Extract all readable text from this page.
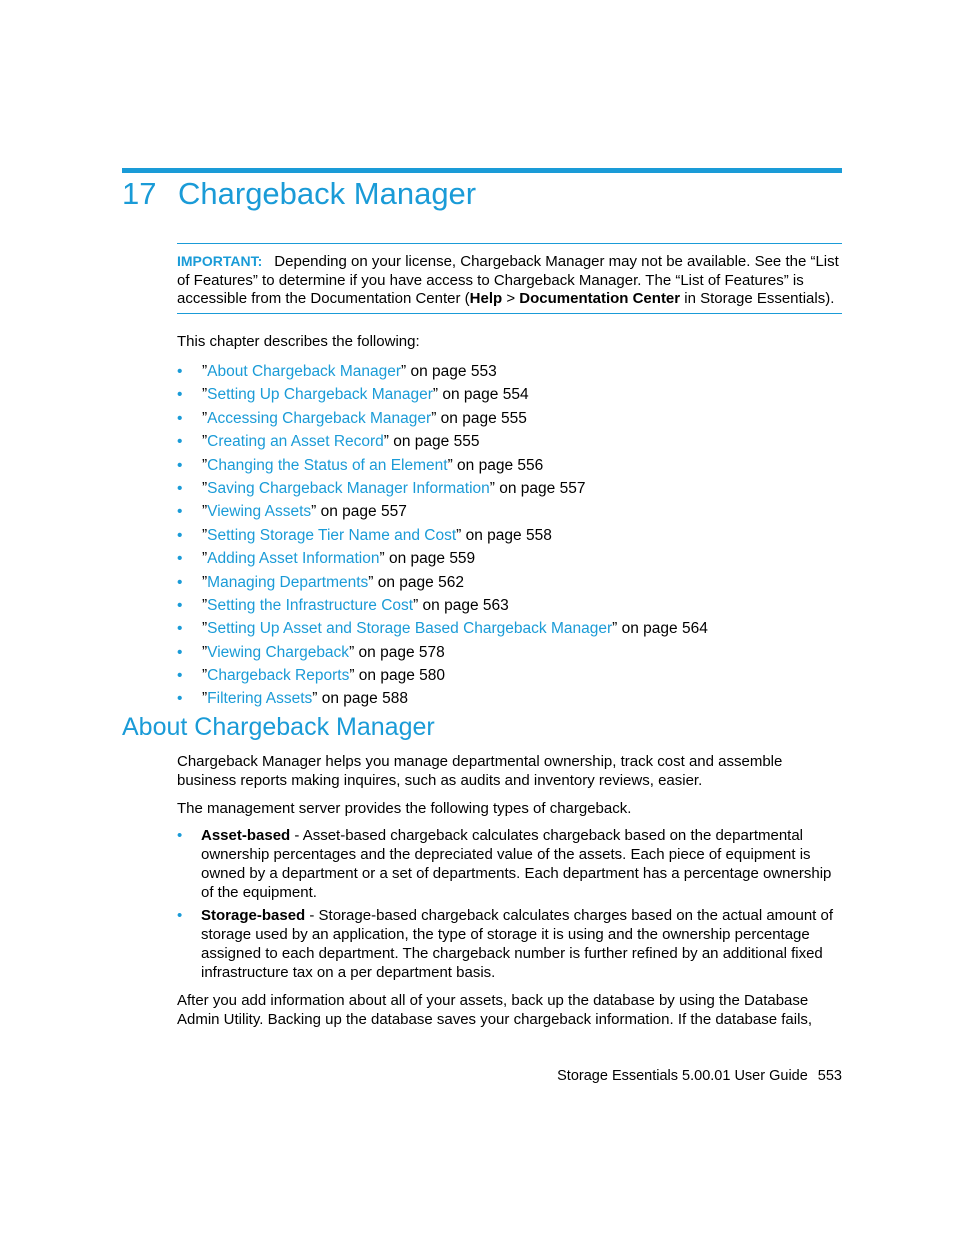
17 Chargeback Manager
IMPORTANT: Depending on your license, Chargeback Manager may not be available. See the “List of Features” to determine if you have access to Chargeback Manager. The “List of Features” is accessible from the Documentation Center (Help > Documentation Center in Storage Essentials).

This chapter describes the following:

• ”About Chargeback Manager” on page 553
• ”Setting Up Chargeback Manager” on page 554
• ”Accessing Chargeback Manager” on page 555
• ”Creating an Asset Record” on page 555
• ”Changing the Status of an Element” on page 556
• ”Saving Chargeback Manager Information” on page 557
• ”Viewing Assets” on page 557
• ”Setting Storage Tier Name and Cost” on page 558
• ”Adding Asset Information” on page 559
• ”Managing Departments” on page 562
• ”Setting the Infrastructure Cost” on page 563
• ”Setting Up Asset and Storage Based Chargeback Manager” on page 564
• ”Viewing Chargeback” on page 578
• ”Chargeback Reports” on page 580
• ”Filtering Assets” on page 588
About Chargeback Manager

Chargeback Manager helps you manage departmental ownership, track cost and assemble business reports making inquires, such as audits and inventory reviews, easier.

The management server provides the following types of chargeback.

•	Asset-based - Asset-based chargeback calculates chargeback based on the departmental ownership percentages and the depreciated value of the assets. Each piece of equipment is owned by a department or a set of departments. Each department has a percentage ownership of the equipment.
•	Storage-based - Storage-based chargeback calculates charges based on the actual amount of storage used by an application, the type of storage it is using and the ownership percentage assigned to each department. The chargeback number is further refined by an additional fixed infrastructure tax on a per department basis.

After you add information about all of your assets, back up the database by using the Database Admin Utility. Backing up the database saves your chargeback information. If the database fails,

Storage Essentials 5.00.01 User Guide 553
